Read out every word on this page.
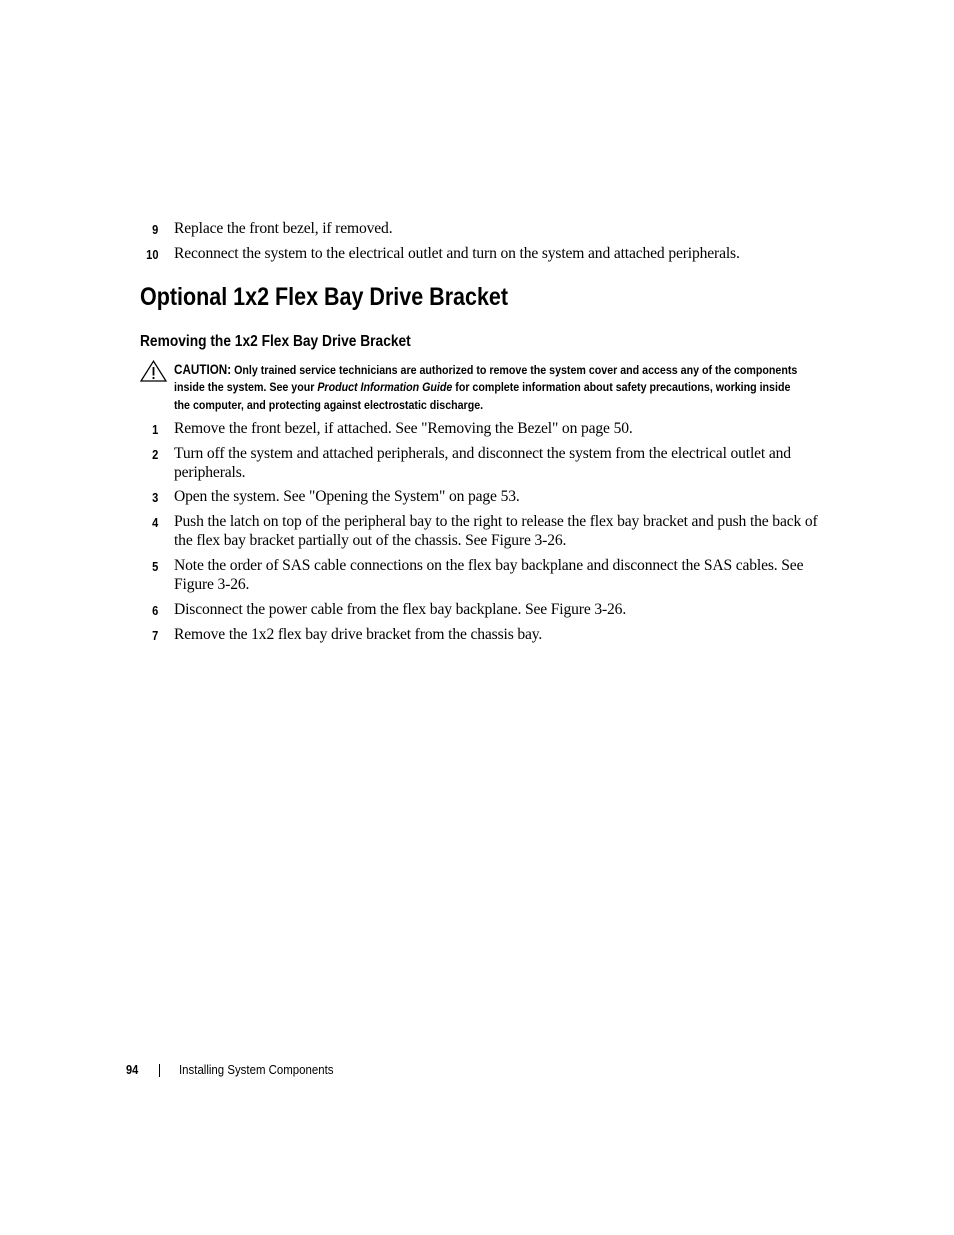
9 Replace the front bezel, if removed.
10 Reconnect the system to the electrical outlet and turn on the system and attached peripherals.
Optional 1x2 Flex Bay Drive Bracket
Removing the 1x2 Flex Bay Drive Bracket
CAUTION: Only trained service technicians are authorized to remove the system cover and access any of the components inside the system. See your Product Information Guide for complete information about safety precautions, working inside the computer, and protecting against electrostatic discharge.
1 Remove the front bezel, if attached. See "Removing the Bezel" on page 50.
2 Turn off the system and attached peripherals, and disconnect the system from the electrical outlet and peripherals.
3 Open the system. See "Opening the System" on page 53.
4 Push the latch on top of the peripheral bay to the right to release the flex bay bracket and push the back of the flex bay bracket partially out of the chassis. See Figure 3-26.
5 Note the order of SAS cable connections on the flex bay backplane and disconnect the SAS cables. See Figure 3-26.
6 Disconnect the power cable from the flex bay backplane. See Figure 3-26.
7 Remove the 1x2 flex bay drive bracket from the chassis bay.
94	Installing System Components
